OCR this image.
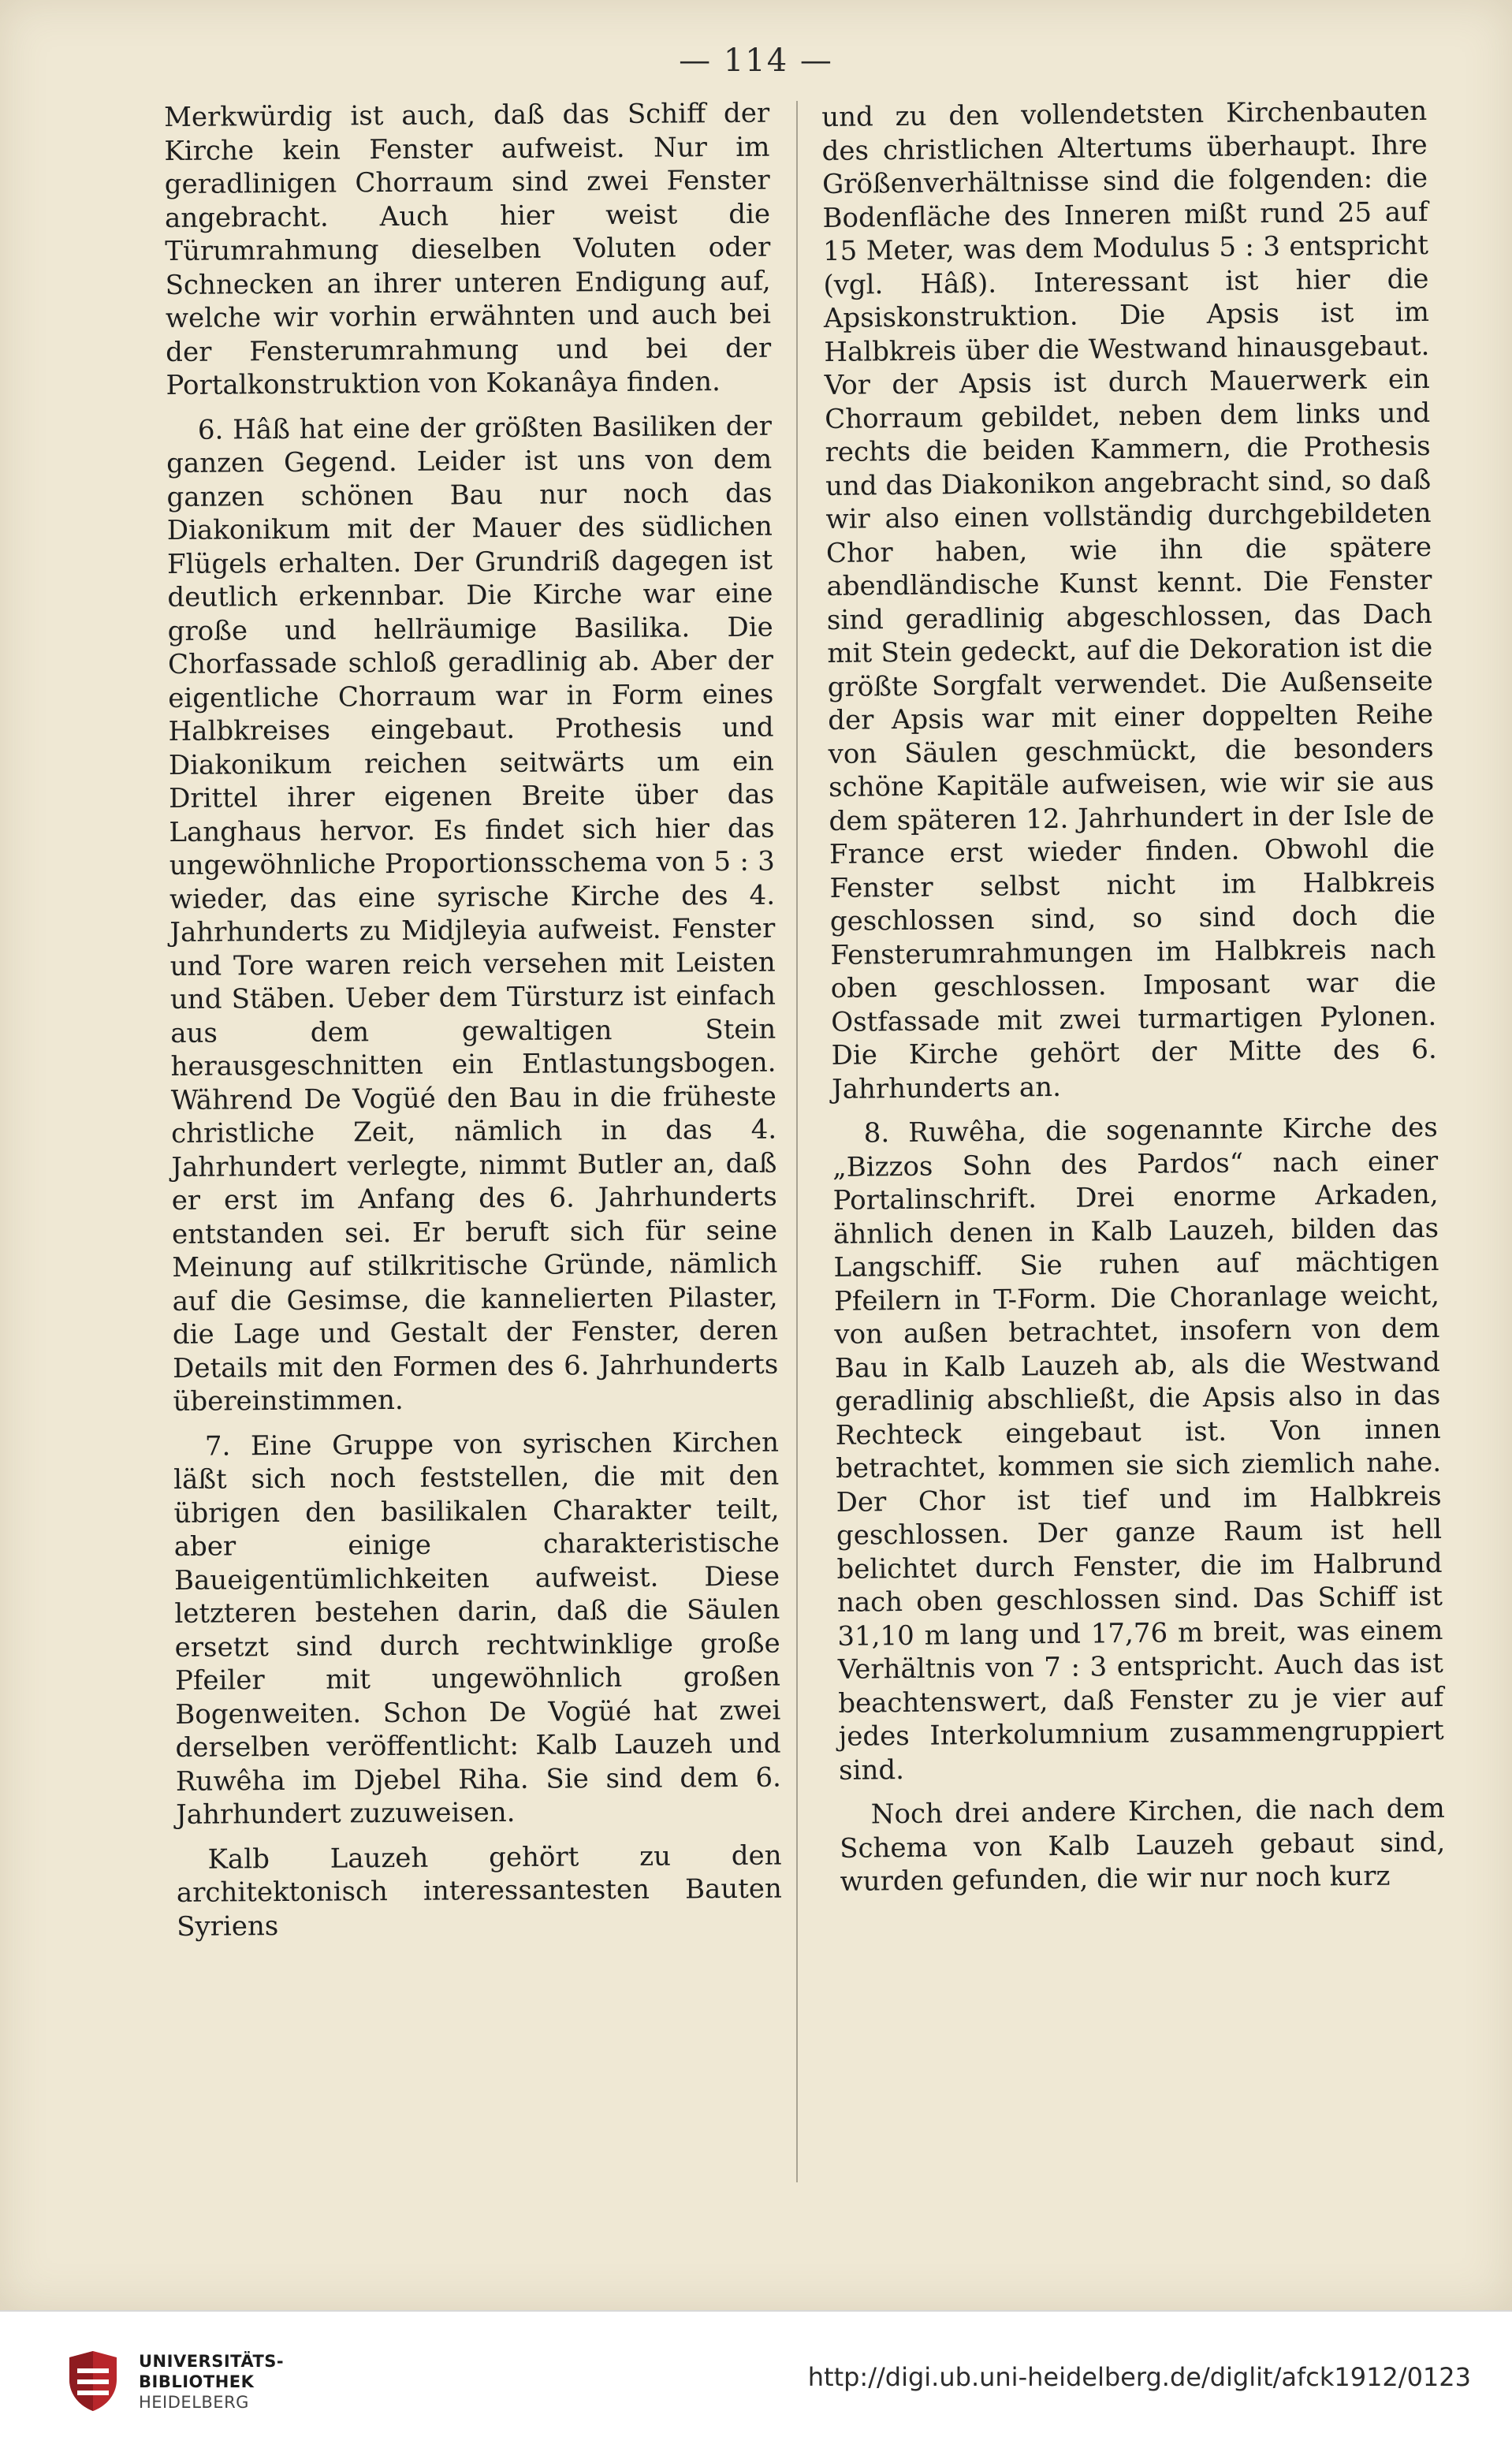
— 114 —

Merkwürdig ist auch, daß das Schiff der Kirche kein Fenster aufweist. Nur im geradlinigen Chorraum sind zwei Fenster angebracht. Auch hier weist die Türumrahmung dieselben Voluten oder Schnecken an ihrer unteren Endigung auf, welche wir vorhin erwähnten und auch bei der Fensterumrahmung und bei der Portalkonstruktion von Kokanâya finden.

6. Hâß hat eine der größten Basiliken der ganzen Gegend. Leider ist uns von dem ganzen schönen Bau nur noch das Diakonikum mit der Mauer des südlichen Flügels erhalten. Der Grundriß dagegen ist deutlich erkennbar. Die Kirche war eine große und hellräumige Basilika. Die Chorfassade schloß geradlinig ab. Aber der eigentliche Chorraum war in Form eines Halbkreises eingebaut. Prothesis und Diakonikum reichen seitwärts um ein Drittel ihrer eigenen Breite über das Langhaus hervor. Es findet sich hier das ungewöhnliche Proportionsschema von 5 : 3 wieder, das eine syrische Kirche des 4. Jahrhunderts zu Midjleyia aufweist. Fenster und Tore waren reich versehen mit Leisten und Stäben. Ueber dem Türsturz ist einfach aus dem gewaltigen Stein herausgeschnitten ein Entlastungsbogen. Während De Vogüé den Bau in die früheste christliche Zeit, nämlich in das 4. Jahrhundert verlegte, nimmt Butler an, daß er erst im Anfang des 6. Jahrhunderts entstanden sei. Er beruft sich für seine Meinung auf stilkritische Gründe, nämlich auf die Gesimse, die kannelierten Pilaster, die Lage und Gestalt der Fenster, deren Details mit den Formen des 6. Jahrhunderts übereinstimmen.

7. Eine Gruppe von syrischen Kirchen läßt sich noch feststellen, die mit den übrigen den basilikalen Charakter teilt, aber einige charakteristische Baueigentümlichkeiten aufweist. Diese letzteren bestehen darin, daß die Säulen ersetzt sind durch rechtwinklige große Pfeiler mit ungewöhnlich großen Bogenweiten. Schon De Vogüé hat zwei derselben veröffentlicht: Kalb Lauzeh und Ruwêha im Djebel Riha. Sie sind dem 6. Jahrhundert zuzuweisen.

Kalb Lauzeh gehört zu den architektonisch interessantesten Bauten Syriens

und zu den vollendetsten Kirchenbauten des christlichen Altertums überhaupt. Ihre Größenverhältnisse sind die folgenden: die Bodenfläche des Inneren mißt rund 25 auf 15 Meter, was dem Modulus 5 : 3 entspricht (vgl. Hâß). Interessant ist hier die Apsiskonstruktion. Die Apsis ist im Halbkreis über die Westwand hinausgebaut. Vor der Apsis ist durch Mauerwerk ein Chorraum gebildet, neben dem links und rechts die beiden Kammern, die Prothesis und das Diakonikon angebracht sind, so daß wir also einen vollständig durchgebildeten Chor haben, wie ihn die spätere abendländische Kunst kennt. Die Fenster sind geradlinig abgeschlossen, das Dach mit Stein gedeckt, auf die Dekoration ist die größte Sorgfalt verwendet. Die Außenseite der Apsis war mit einer doppelten Reihe von Säulen geschmückt, die besonders schöne Kapitäle aufweisen, wie wir sie aus dem späteren 12. Jahrhundert in der Isle de France erst wieder finden. Obwohl die Fenster selbst nicht im Halbkreis geschlossen sind, so sind doch die Fensterumrahmungen im Halbkreis nach oben geschlossen. Imposant war die Ostfassade mit zwei turmartigen Pylonen. Die Kirche gehört der Mitte des 6. Jahrhunderts an.

8. Ruwêha, die sogenannte Kirche des „Bizzos Sohn des Pardos“ nach einer Portalinschrift. Drei enorme Arkaden, ähnlich denen in Kalb Lauzeh, bilden das Langschiff. Sie ruhen auf mächtigen Pfeilern in T-Form. Die Choranlage weicht, von außen betrachtet, insofern von dem Bau in Kalb Lauzeh ab, als die Westwand geradlinig abschließt, die Apsis also in das Rechteck eingebaut ist. Von innen betrachtet, kommen sie sich ziemlich nahe. Der Chor ist tief und im Halbkreis geschlossen. Der ganze Raum ist hell belichtet durch Fenster, die im Halbrund nach oben geschlossen sind. Das Schiff ist 31,10 m lang und 17,76 m breit, was einem Verhältnis von 7 : 3 entspricht. Auch das ist beachtenswert, daß Fenster zu je vier auf jedes Interkolumnium zusammengruppiert sind.

Noch drei andere Kirchen, die nach dem Schema von Kalb Lauzeh gebaut sind, wurden gefunden, die wir nur noch kurz

UNIVERSITÄTS-
BIBLIOTHEK
HEIDELBERG
http://digi.ub.uni-heidelberg.de/diglit/afck1912/0123
